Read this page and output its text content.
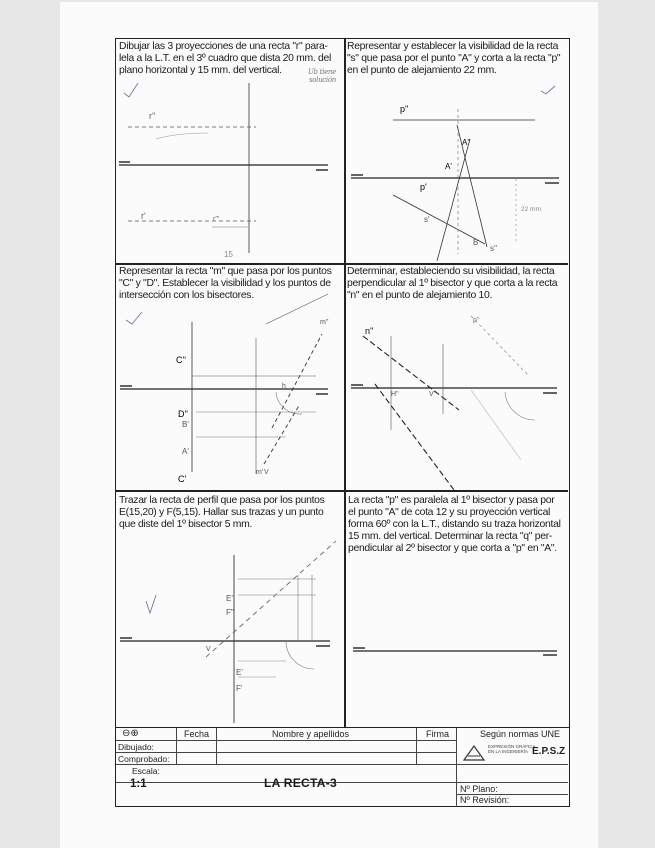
Dibujar las 3 proyecciones de una recta "r" para-
lela a la L.T. en el 3º cuadro que dista 20 mm. del
plano horizontal y 15 mm. del vertical.	Ub tiene
solución
r''
r'	r'''
15
Representar y establecer la visibilidad de la recta
"s" que pasa por el punto "A" y corta a la recta "p"
en el punto de alejamiento 22 mm.
p''
p'
A''
A'
s'
s''
B
22 mm
Representar la recta "m" que pasa por los puntos
"C" y "D". Establecer la visibilidad y los puntos de
intersección con los bisectores.
C''
D''
C'
A'
B'
m''
m' V
h
Determinar, estableciendo su visibilidad, la recta
perpendicular al 1º bisector y que corta a la recta
"n" en el punto de alejamiento 10.
n''
p''
H''	V''
Trazar la recta de perfil que pasa por los puntos
E(15,20) y F(5,15). Hallar sus trazas y un punto
que diste del 1º bisector 5 mm.
E''
F''
E'
F'
V
La recta "p" es paralela al 1º bisector y pasa por
el punto "A" de cota 12 y su proyección vertical
forma 60º con la L.T., distando su traza horizontal
15 mm. del vertical. Determinar la recta "q" per-
pendicular al 2º bisector y que corta a "p" en "A".
⊖⊕	Fecha	Nombre y apellidos	Firma	Según normas UNE
Dibujado:
Comprobado:
Escala:
1:1	LA RECTA-3
EXPRESIÓN GRÁFICA
EN LA INGENIERÍA E.P.S.Z
Nº Plano:
Nº Revisión:
